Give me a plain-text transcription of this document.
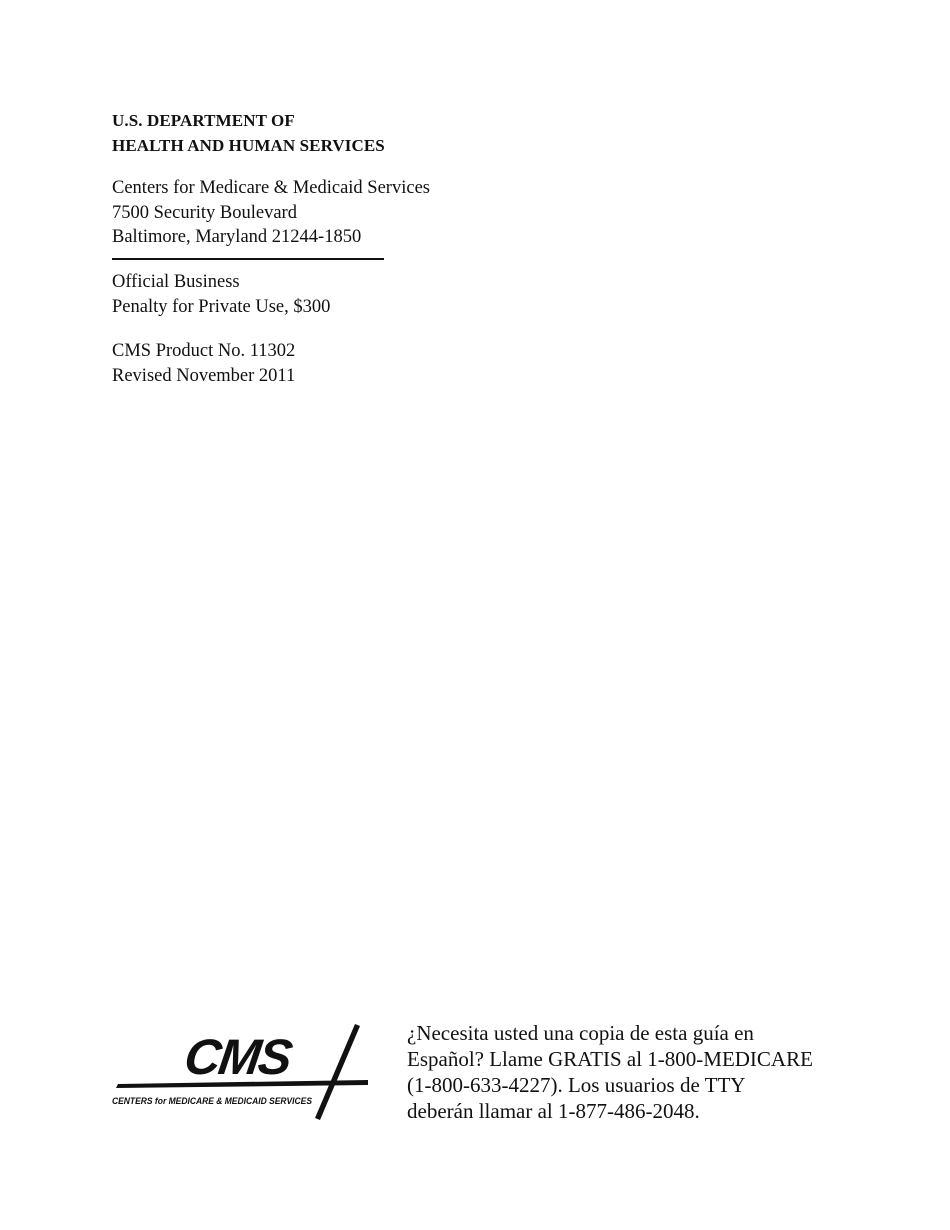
U.S. DEPARTMENT OF
HEALTH AND HUMAN SERVICES
Centers for Medicare & Medicaid Services
7500 Security Boulevard
Baltimore, Maryland 21244-1850
Official Business
Penalty for Private Use, $300
CMS Product No. 11302
Revised November 2011
CMS
CENTERS for MEDICARE & MEDICAID SERVICES
¿Necesita usted una copia de esta guía en
Español? Llame GRATIS al 1-800-MEDICARE
(1-800-633-4227). Los usuarios de TTY
deberán llamar al 1-877-486-2048.
